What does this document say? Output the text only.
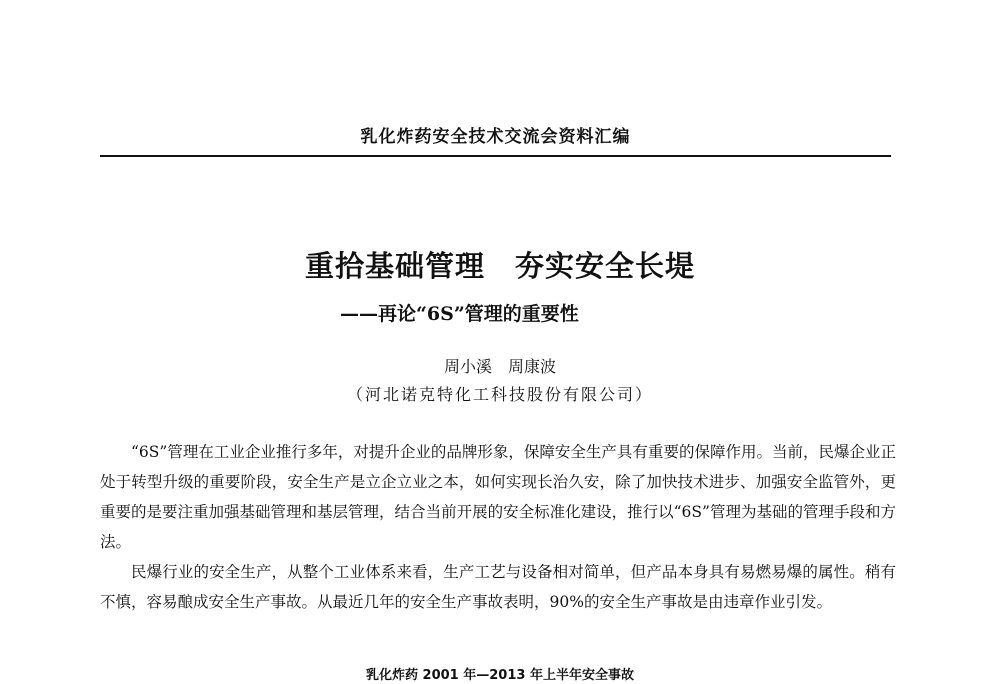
乳化炸药安全技术交流会资料汇编
重拾基础管理　夯实安全长堤
——再论“6S”管理的重要性
周小溪　周康波
（河北诺克特化工科技股份有限公司）

“6S”管理在工业企业推行多年，对提升企业的品牌形象，保障安全生产具有重要的保障作用。当前，民爆企业正处于转型升级的重要阶段，安全生产是立企立业之本，如何实现长治久安，除了加快技术进步、加强安全监管外，更重要的是要注重加强基础管理和基层管理，结合当前开展的安全标准化建设，推行以“6S”管理为基础的管理手段和方法。

民爆行业的安全生产，从整个工业体系来看，生产工艺与设备相对简单，但产品本身具有易燃易爆的属性。稍有不慎，容易酿成安全生产事故。从最近几年的安全生产事故表明，90%的安全生产事故是由违章作业引发。

乳化炸药 2001 年—2013 年上半年安全事故
